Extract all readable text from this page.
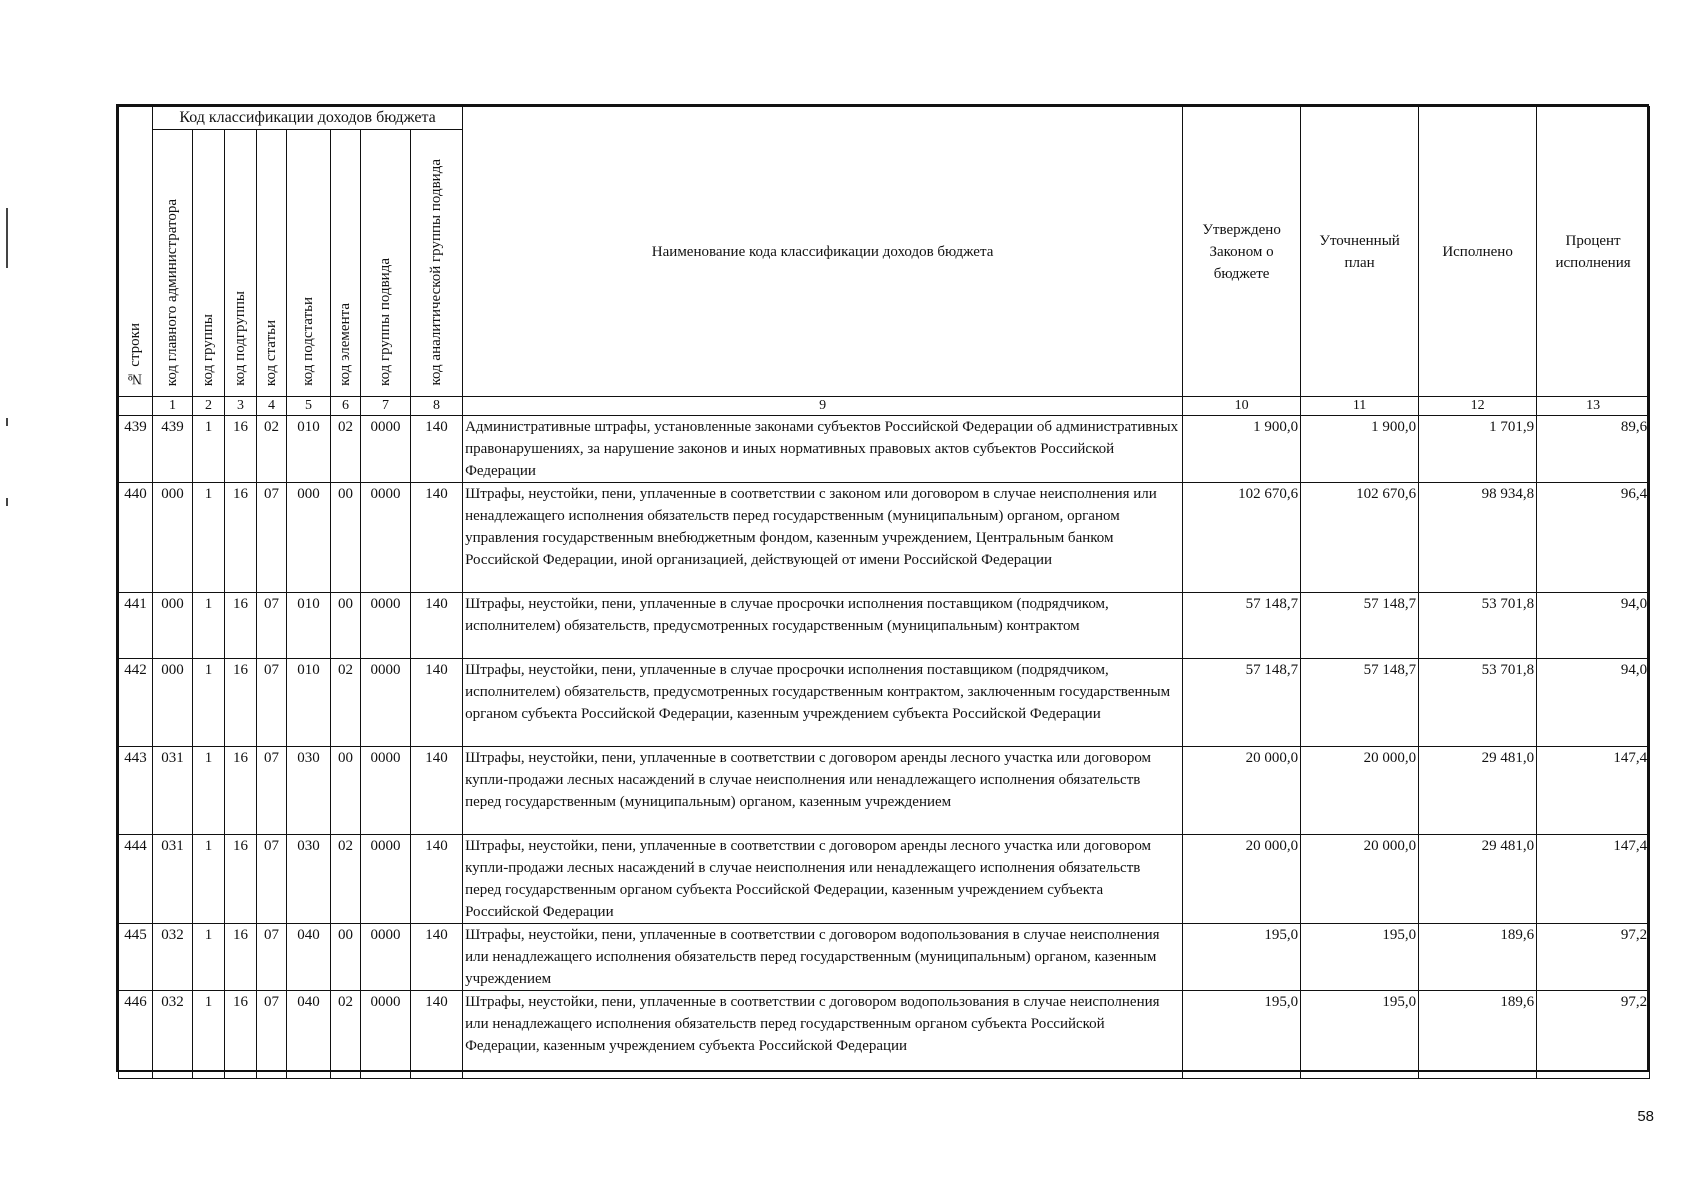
№ строки	Код классификации доходов бюджета								Наименование кода классификации доходов бюджета	Утверждено Законом о бюджете	Уточненный план	Исполнено	Процент исполнения

	код главного администратора	код группы	код подгруппы	код статьи	код подстатьи	код элемента	код группы подвида	код аналитической группы подвида					

	1	2	3	4	5	6	7	8	9	10	11	12	13
439	439	1	16	02	010	02	0000	140	Административные штрафы, установленные законами субъектов Российской Федерации об административных правонарушениях, за нарушение законов и иных нормативных правовых актов субъектов Российской Федерации	1 900,0	1 900,0	1 701,9	89,6
440	000	1	16	07	000	00	0000	140	Штрафы, неустойки, пени, уплаченные в соответствии с законом или договором в случае неисполнения или ненадлежащего исполнения обязательств перед государственным (муниципальным) органом, органом управления государственным внебюджетным фондом, казенным учреждением, Центральным банком Российской Федерации, иной организацией, действующей от имени Российской Федерации	102 670,6	102 670,6	98 934,8	96,4
441	000	1	16	07	010	00	0000	140	Штрафы, неустойки, пени, уплаченные в случае просрочки исполнения поставщиком (подрядчиком, исполнителем) обязательств, предусмотренных государственным (муниципальным) контрактом	57 148,7	57 148,7	53 701,8	94,0
442	000	1	16	07	010	02	0000	140	Штрафы, неустойки, пени, уплаченные в случае просрочки исполнения поставщиком (подрядчиком, исполнителем) обязательств, предусмотренных государственным контрактом, заключенным государственным органом субъекта Российской Федерации, казенным учреждением субъекта Российской Федерации	57 148,7	57 148,7	53 701,8	94,0
443	031	1	16	07	030	00	0000	140	Штрафы, неустойки, пени, уплаченные в соответствии с договором аренды лесного участка или договором купли-продажи лесных насаждений в случае неисполнения или ненадлежащего исполнения обязательств перед государственным (муниципальным) органом, казенным учреждением	20 000,0	20 000,0	29 481,0	147,4
444	031	1	16	07	030	02	0000	140	Штрафы, неустойки, пени, уплаченные в соответствии с договором аренды лесного участка или договором купли-продажи лесных насаждений в случае неисполнения или ненадлежащего исполнения обязательств перед государственным органом субъекта Российской Федерации, казенным учреждением субъекта Российской Федерации	20 000,0	20 000,0	29 481,0	147,4
445	032	1	16	07	040	00	0000	140	Штрафы, неустойки, пени, уплаченные в соответствии с договором водопользования в случае неисполнения или ненадлежащего исполнения обязательств перед государственным (муниципальным) органом, казенным учреждением	195,0	195,0	189,6	97,2
446	032	1	16	07	040	02	0000	140	Штрафы, неустойки, пени, уплаченные в соответствии с договором водопользования в случае неисполнения или ненадлежащего исполнения обязательств перед государственным органом субъекта Российской Федерации, казенным учреждением субъекта Российской Федерации	195,0	195,0	189,6	97,2
58
